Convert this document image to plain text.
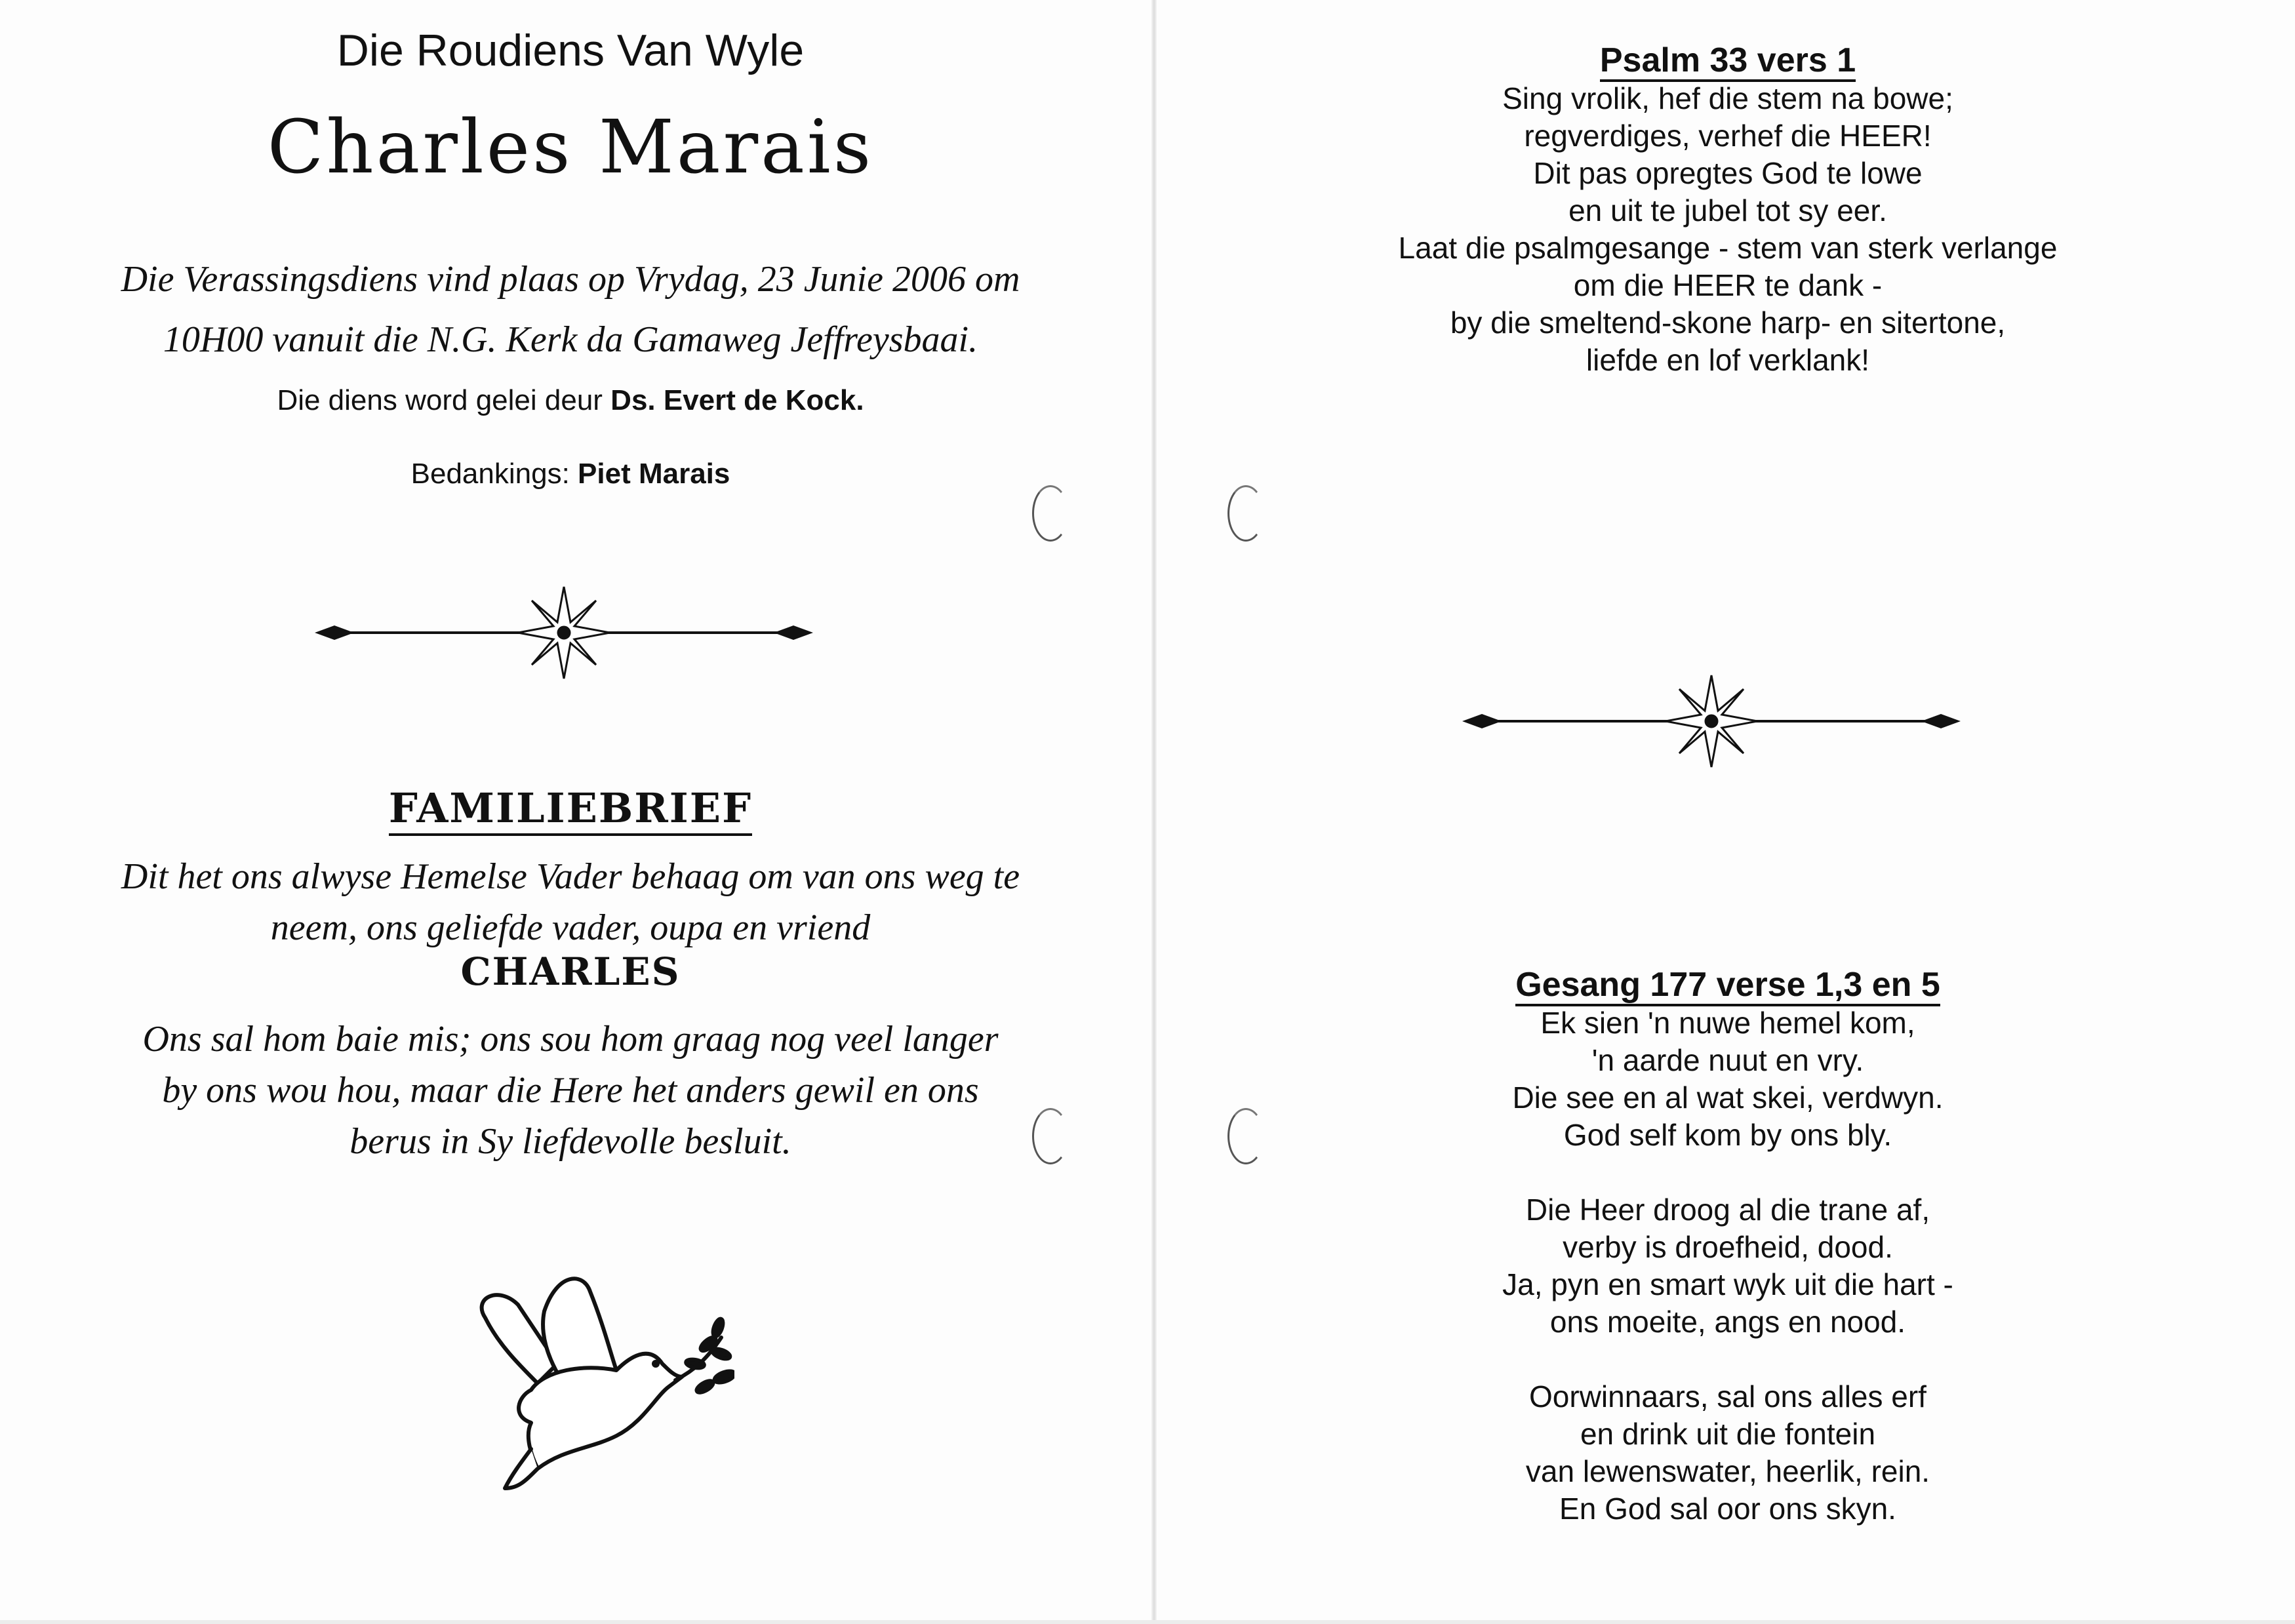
Die Roudiens Van Wyle
Charles Marais
Die Verassingsdiens vind plaas op Vrydag, 23 Junie 2006 om
10H00 vanuit die N.G. Kerk da Gamaweg Jeffreysbaai.
Die diens word gelei deur Ds. Evert de Kock.
Bedankings: Piet Marais
FAMILIEBRIEF
Dit het ons alwyse Hemelse Vader behaag om van ons weg te
neem, ons geliefde vader, oupa en vriend
CHARLES
Ons sal hom baie mis; ons sou hom graag nog veel langer
by ons wou hou, maar die Here het anders gewil en ons
berus in Sy liefdevolle besluit.
Psalm 33 vers 1
Sing vrolik, hef die stem na bowe;
regverdiges, verhef die HEER!
Dit pas opregtes God te lowe
en uit te jubel tot sy eer.
Laat die psalmgesange - stem van sterk verlange
om die HEER te dank -
by die smeltend-skone harp- en sitertone,
liefde en lof verklank!
Gesang 177 verse 1,3 en 5
Ek sien 'n nuwe hemel kom,
'n aarde nuut en vry.
Die see en al wat skei, verdwyn.
God self kom by ons bly.
Die Heer droog al die trane af,
verby is droefheid, dood.
Ja, pyn en smart wyk uit die hart -
ons moeite, angs en nood.
Oorwinnaars, sal ons alles erf
en drink uit die fontein
van lewenswater, heerlik, rein.
En God sal oor ons skyn.
